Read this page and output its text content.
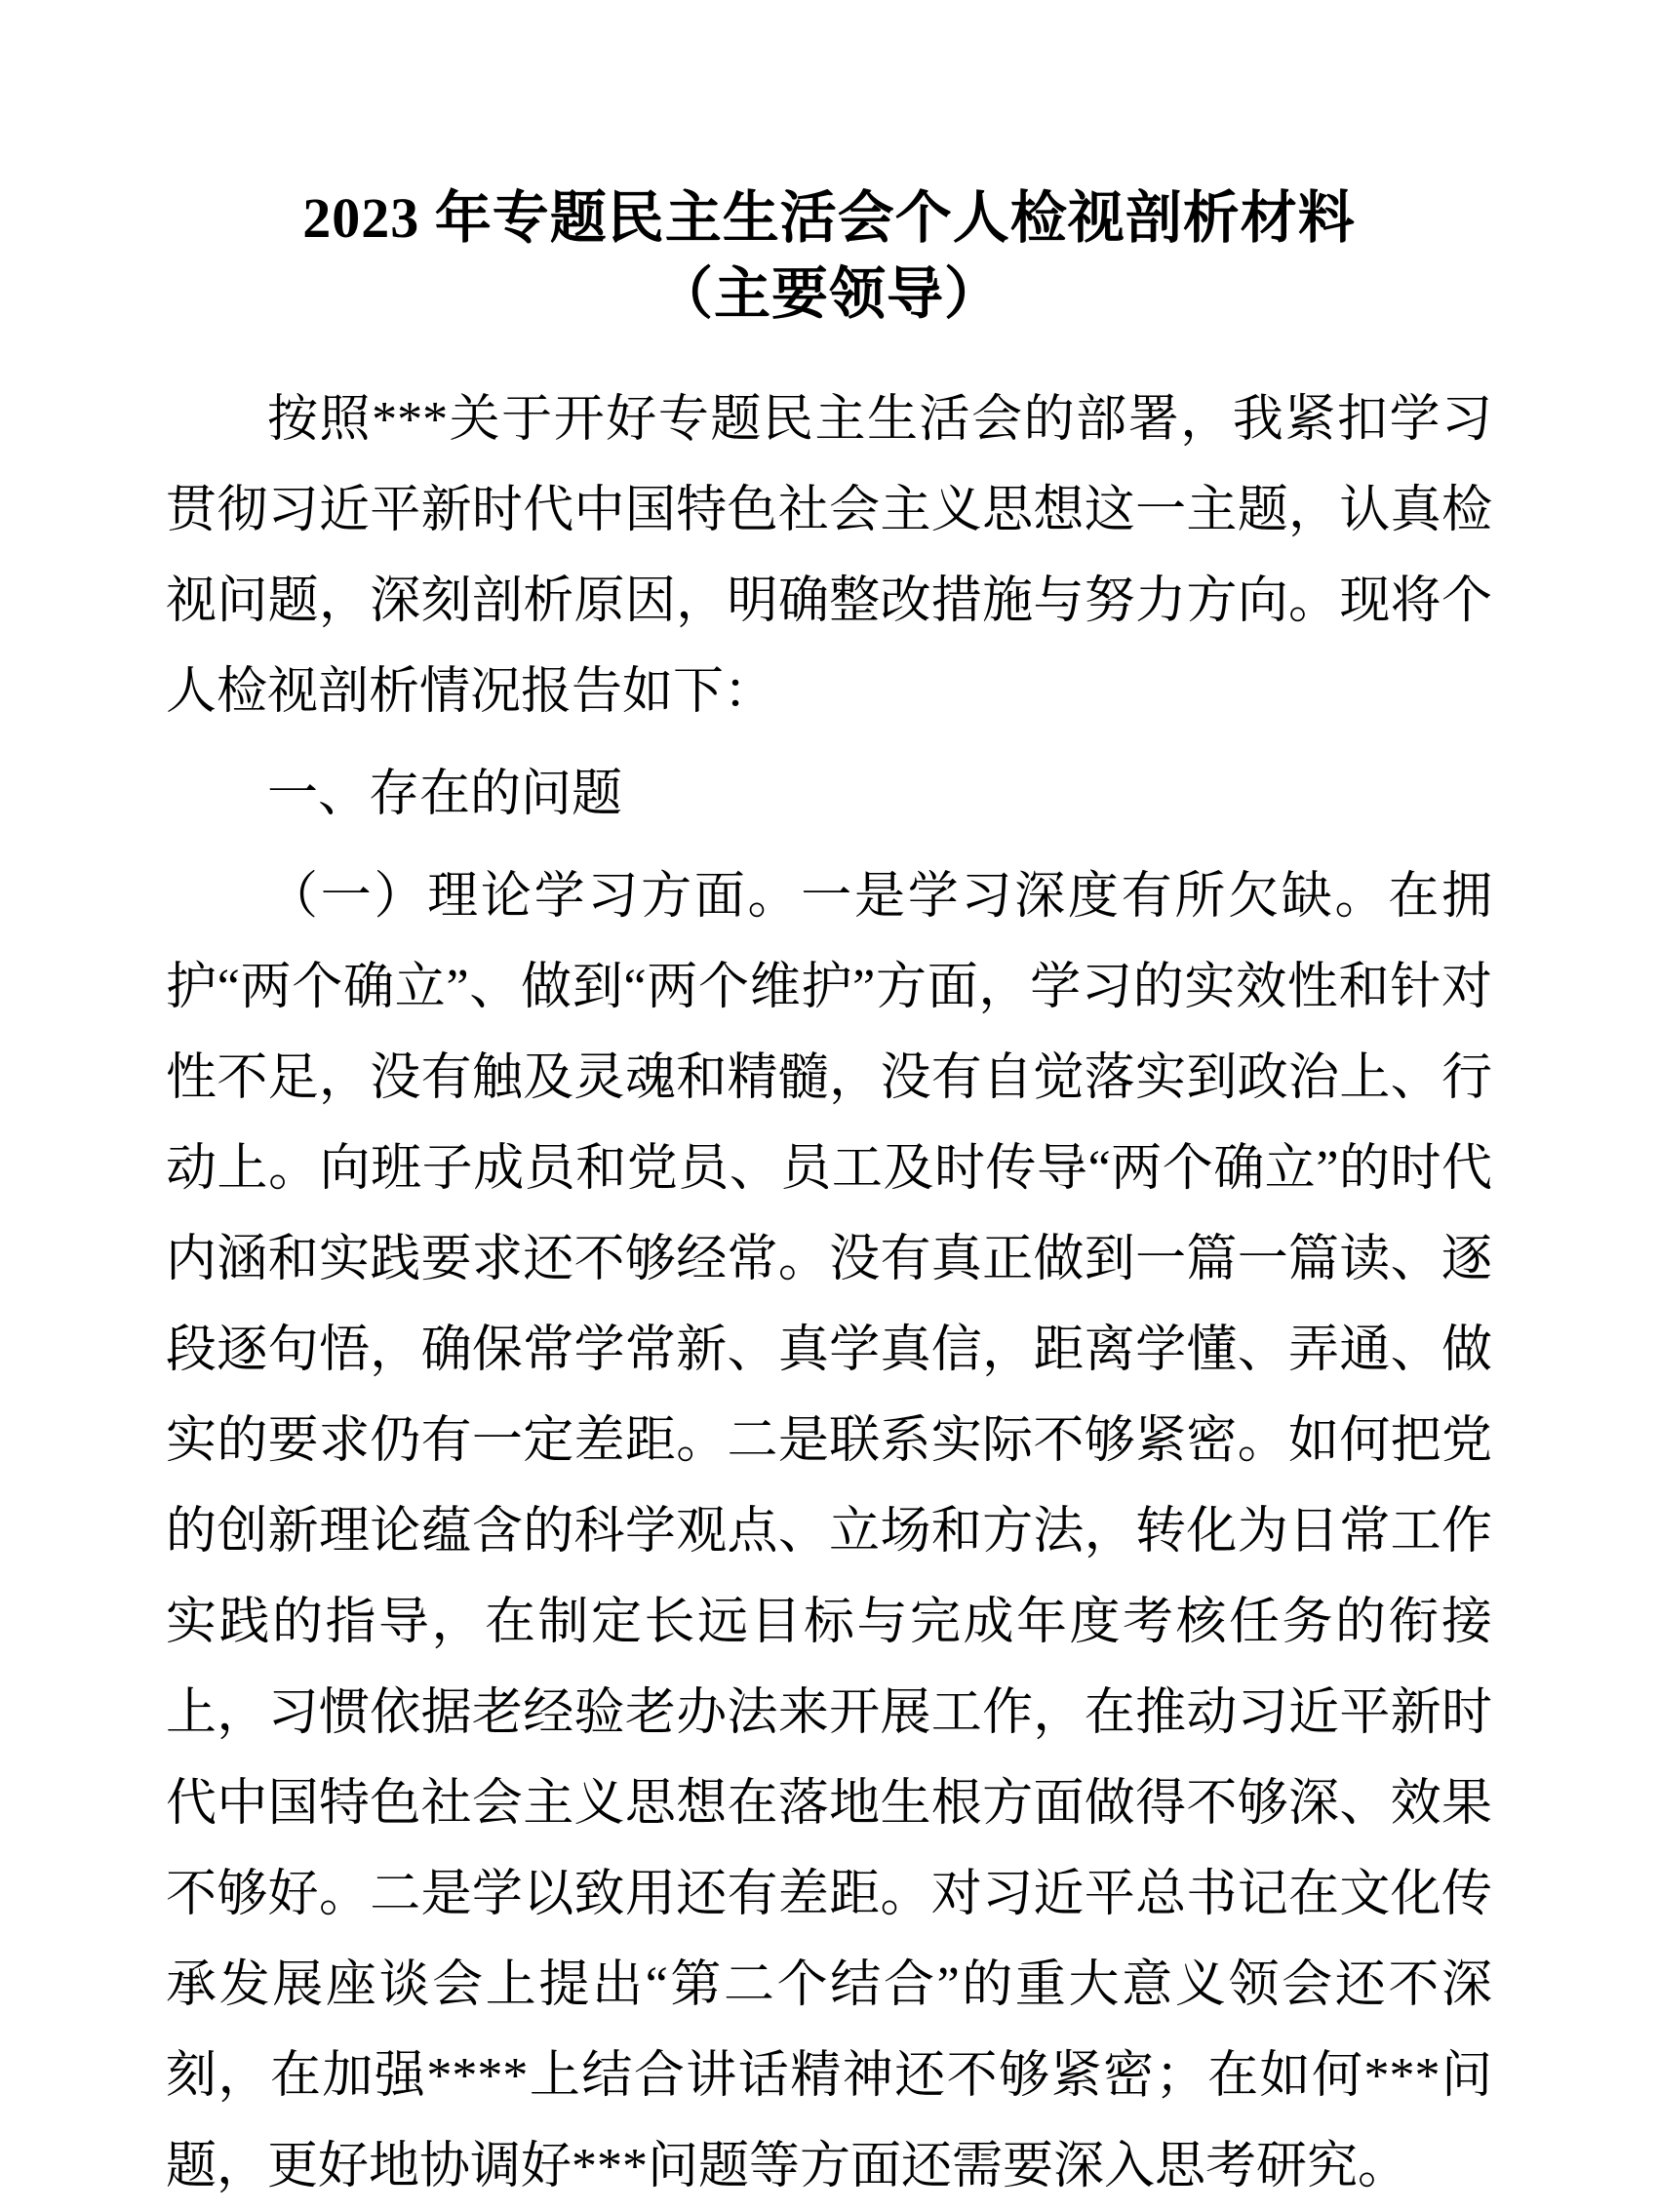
2023 年专题民主生活会个人检视剖析材料（主要领导）

按照***关于开好专题民主生活会的部署，我紧扣学习贯彻习近平新时代中国特色社会主义思想这一主题，认真检视问题，深刻剖析原因，明确整改措施与努力方向。现将个人检视剖析情况报告如下：

一、存在的问题

（一）理论学习方面。一是学习深度有所欠缺。在拥护“两个确立”、做到“两个维护”方面，学习的实效性和针对性不足，没有触及灵魂和精髓，没有自觉落实到政治上、行动上。向班子成员和党员、员工及时传导“两个确立”的时代内涵和实践要求还不够经常。没有真正做到一篇一篇读、逐段逐句悟，确保常学常新、真学真信，距离学懂、弄通、做实的要求仍有一定差距。二是联系实际不够紧密。如何把党的创新理论蕴含的科学观点、立场和方法，转化为日常工作实践的指导，在制定长远目标与完成年度考核任务的衔接上，习惯依据老经验老办法来开展工作，在推动习近平新时代中国特色社会主义思想在落地生根方面做得不够深、效果不够好。二是学以致用还有差距。对习近平总书记在文化传承发展座谈会上提出“第二个结合”的重大意义领会还不深刻，在加强****上结合讲话精神还不够紧密；在如何***问题，更好地协调好***问题等方面还需要深入思考研究。
